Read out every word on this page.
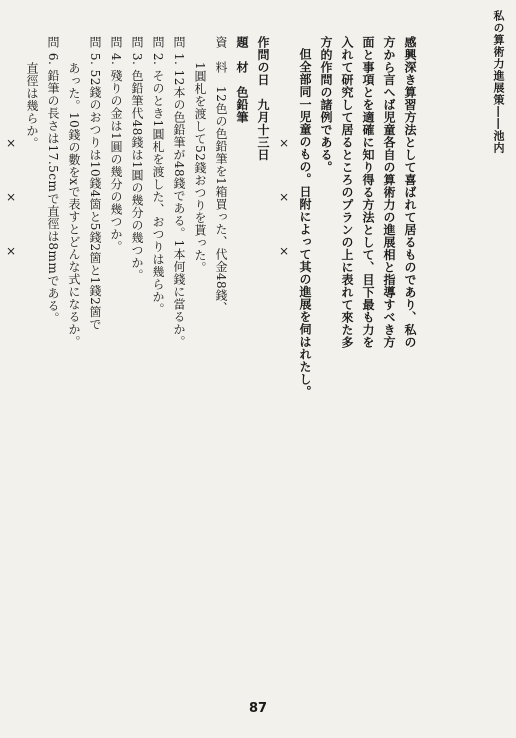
私の算術力進展策――池内
感興深き算習方法として喜ばれて居るものであり、私の
方から言へば児童各自の算術力の進展相と指導すべき方
面と事項とを適確に知り得る方法として、目下最も力を
入れて研究して居るところのプランの上に表れて來た多
方的作問の諸例である。
但全部同一児童のもの。日附によって其の進展を伺はれたし。
×××
作問の日　九月十三日
題　材　色鉛筆
資　料　12色の色鉛筆を1箱買った、代金48錢、
1圓札を渡して52錢おつりを貰った。
問 1. 12本の色鉛筆が48錢である。1本何錢に當るか。
問 2. そのとき1圓札を渡した、おつりは幾らか。
問 3. 色鉛筆代48錢は1圓の幾分の幾つか。
問 4. 殘りの金は1圓の幾分の幾つか。
問 5. 52錢のおつりは10錢4箇と5錢2箇と1錢2箇で
あった。10錢の數をxで表すとどんな式になるか。
問 6. 鉛筆の長さは17.5cmで直徑は8mmである。
直徑は幾らか。
×××
87
